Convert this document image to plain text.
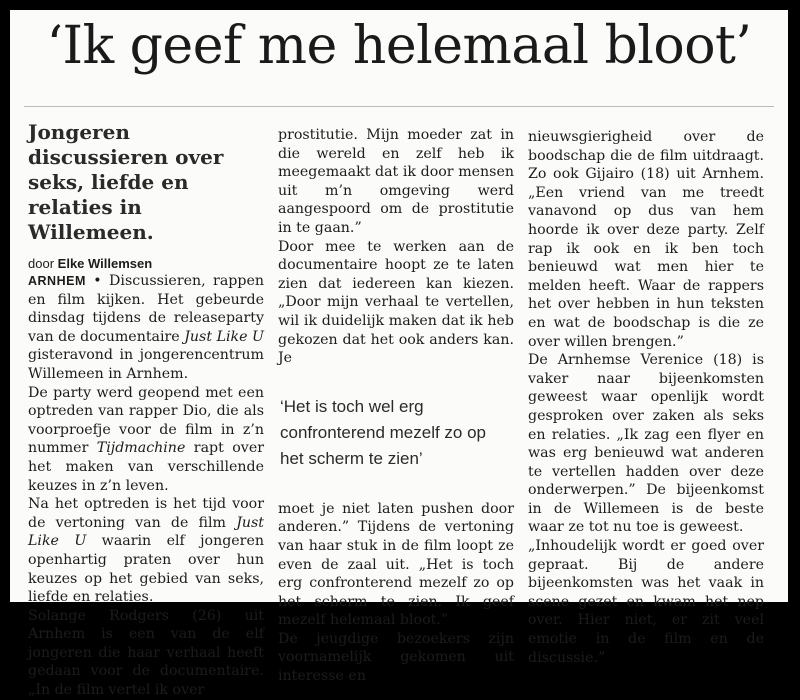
‘Ik geef me helemaal bloot’
Jongeren discussieren over seks, liefde en relaties in Willemeen.
door Elke Willemsen

ARNHEM • Discussieren, rappen en film kijken. Het gebeurde dinsdag tijdens de releaseparty van de documentaire Just Like U gisteravond in jongerencentrum Willemeen in Arnhem.

De party werd geopend met een optreden van rapper Dio, die als voorproefje voor de film in z’n nummer Tijdmachine rapt over het maken van verschillende keuzes in z’n leven.

Na het optreden is het tijd voor de vertoning van de film Just Like U waarin elf jongeren openhartig praten over hun keuzes op het gebied van seks, liefde en relaties.

Solange Rodgers (26) uit Arnhem is een van de elf jongeren die haar verhaal heeft gedaan voor de documentaire. „In de film vertel ik over

prostitutie. Mijn moeder zat in die wereld en zelf heb ik meegemaakt dat ik door mensen uit m’n omgeving werd aangespoord om de prostitutie in te gaan.”

Door mee te werken aan de documentaire hoopt ze te laten zien dat iedereen kan kiezen. „Door mijn verhaal te vertellen, wil ik duidelijk maken dat ik heb gekozen dat het ook anders kan. Je

‘Het is toch wel erg confronterend mezelf zo op het scherm te zien’

moet je niet laten pushen door anderen.” Tijdens de vertoning van haar stuk in de film loopt ze even de zaal uit. „Het is toch erg confronterend mezelf zo op het scherm te zien. Ik geef mezelf helemaal bloot.”

De jeugdige bezoekers zijn voornamelijk gekomen uit interesse en

nieuwsgierigheid over de boodschap die de film uitdraagt. Zo ook Gijairo (18) uit Arnhem. „Een vriend van me treedt vanavond op dus van hem hoorde ik over deze party. Zelf rap ik ook en ik ben toch benieuwd wat men hier te melden heeft. Waar de rappers het over hebben in hun teksten en wat de boodschap is die ze over willen brengen.”

De Arnhemse Verenice (18) is vaker naar bijeenkomsten geweest waar openlijk wordt gesproken over zaken als seks en relaties. „Ik zag een flyer en was erg benieuwd wat anderen te vertellen hadden over deze onderwerpen.” De bijeenkomst in de Willemeen is de beste waar ze tot nu toe is geweest.

„Inhoudelijk wordt er goed over gepraat. Bij de andere bijeenkomsten was het vaak in scene gezet en kwam het nep over. Hier niet, er zit veel emotie in de film en de discussie.”
